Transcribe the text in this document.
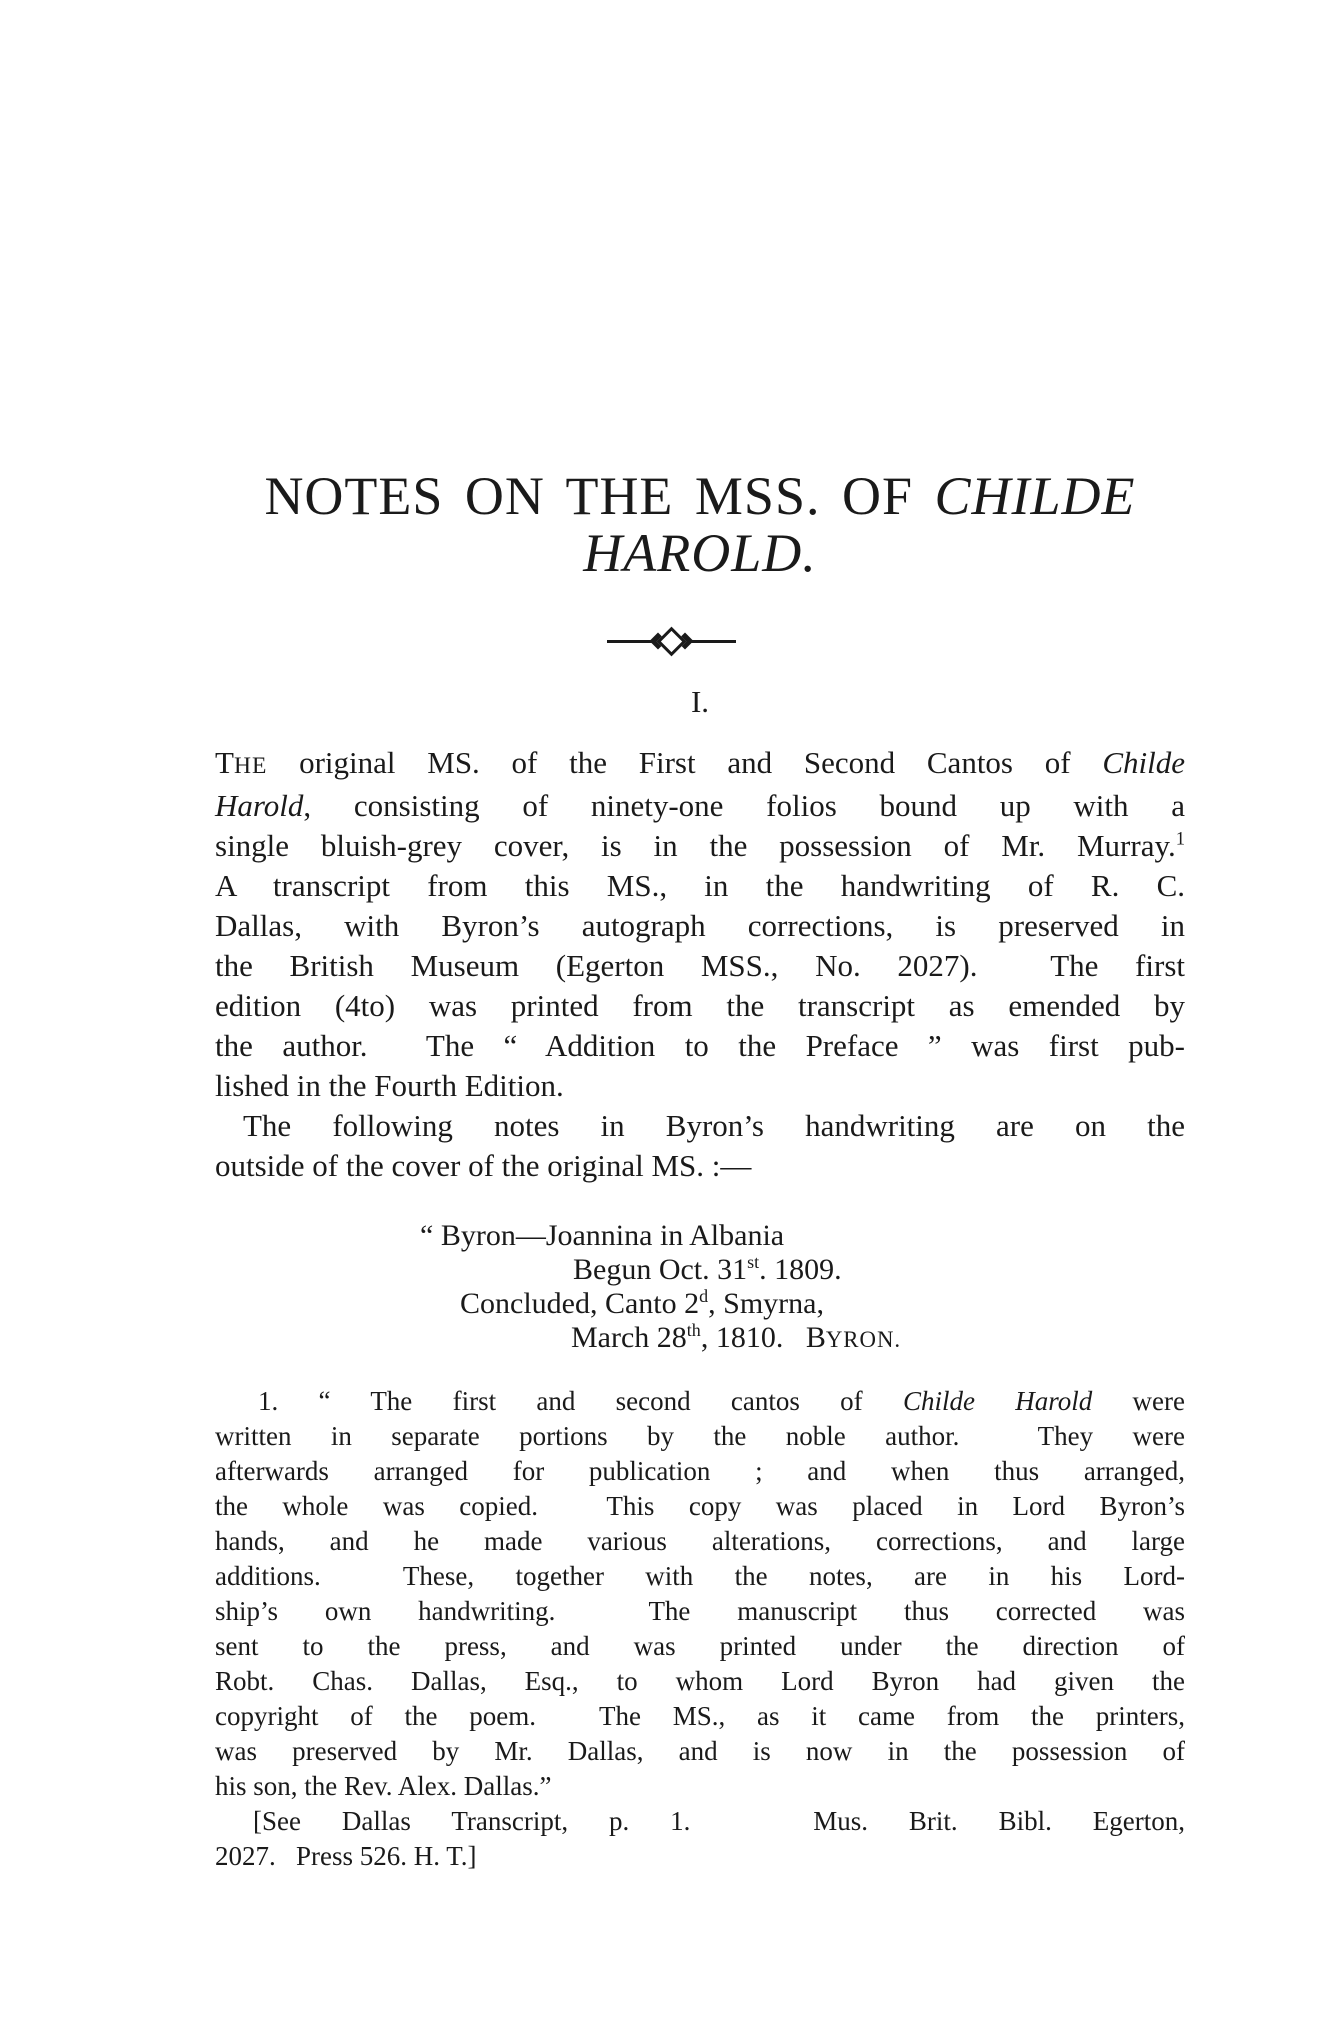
NOTES ON THE MSS. OF CHILDE
HAROLD.
I.
THE original MS. of the First and Second Cantos of Childe
Harold, consisting of ninety-one folios bound up with a
single bluish-grey cover, is in the possession of Mr. Murray.$^1$
A transcript from this MS., in the handwriting of R. C.
Dallas, with Byron’s autograph corrections, is preserved in
the British Museum (Egerton MSS., No. 2027).  The first
edition (4to) was printed from the transcript as emended by
the author.  The “ Addition to the Preface ” was first pub-
lished in the Fourth Edition.
The following notes in Byron’s handwriting are on the
outside of the cover of the original MS. :—
“ Byron—Joannina in Albania
Begun Oct. 31st. 1809.
Concluded, Canto 2$^d$, Smyrna,
March 28th, 1810.   BYRON.
1. “ The first and second cantos of Childe Harold were
written in separate portions by the noble author.  They were
afterwards arranged for publication ; and when thus arranged,
the whole was copied.  This copy was placed in Lord Byron’s
hands, and he made various alterations, corrections, and large
additions.  These, together with the notes, are in his Lord-
ship’s own handwriting.  The manuscript thus corrected was
sent to the press, and was printed under the direction of
Robt. Chas. Dallas, Esq., to whom Lord Byron had given the
copyright of the poem.  The MS., as it came from the printers,
was preserved by Mr. Dallas, and is now in the possession of
his son, the Rev. Alex. Dallas.”
[See Dallas Transcript, p. 1.   Mus. Brit. Bibl. Egerton,
2027.   Press 526. H. T.]
